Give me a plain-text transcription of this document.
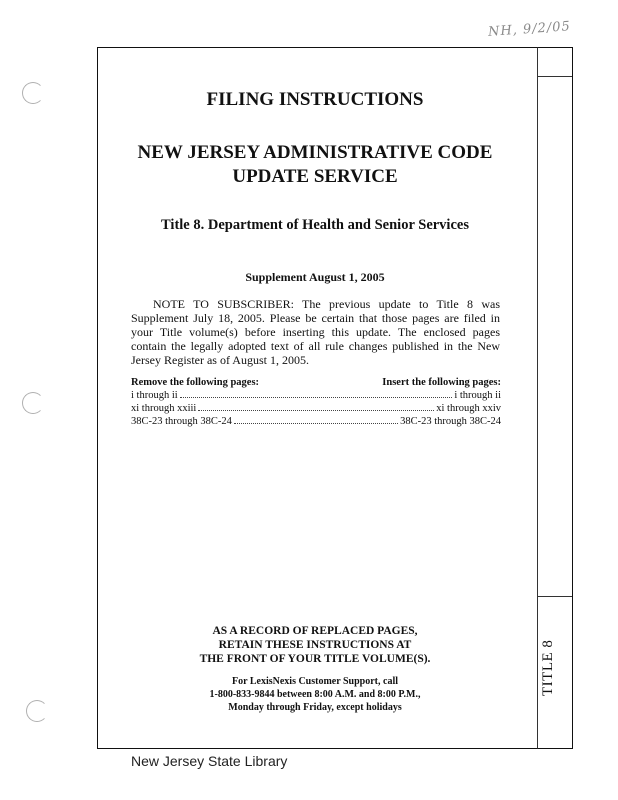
NH, 9/2/05
TITLE 8
FILING INSTRUCTIONS
NEW JERSEY ADMINISTRATIVE CODE
UPDATE SERVICE
Title 8. Department of Health and Senior Services
Supplement August 1, 2005
NOTE TO SUBSCRIBER: The previous update to Title 8 was Supplement July 18, 2005. Please be certain that those pages are filed in your Title volume(s) before inserting this update. The enclosed pages contain the legally adopted text of all rule changes published in the New Jersey Register as of August 1, 2005.
Remove the following pages:	Insert the following pages:
i through ii	i through ii
xi through xxiii	xi through xxiv
38C-23 through 38C-24	38C-23 through 38C-24
AS A RECORD OF REPLACED PAGES,
RETAIN THESE INSTRUCTIONS AT
THE FRONT OF YOUR TITLE VOLUME(S).
For LexisNexis Customer Support, call
1-800-833-9844 between 8:00 A.M. and 8:00 P.M.,
Monday through Friday, except holidays
New Jersey State Library
